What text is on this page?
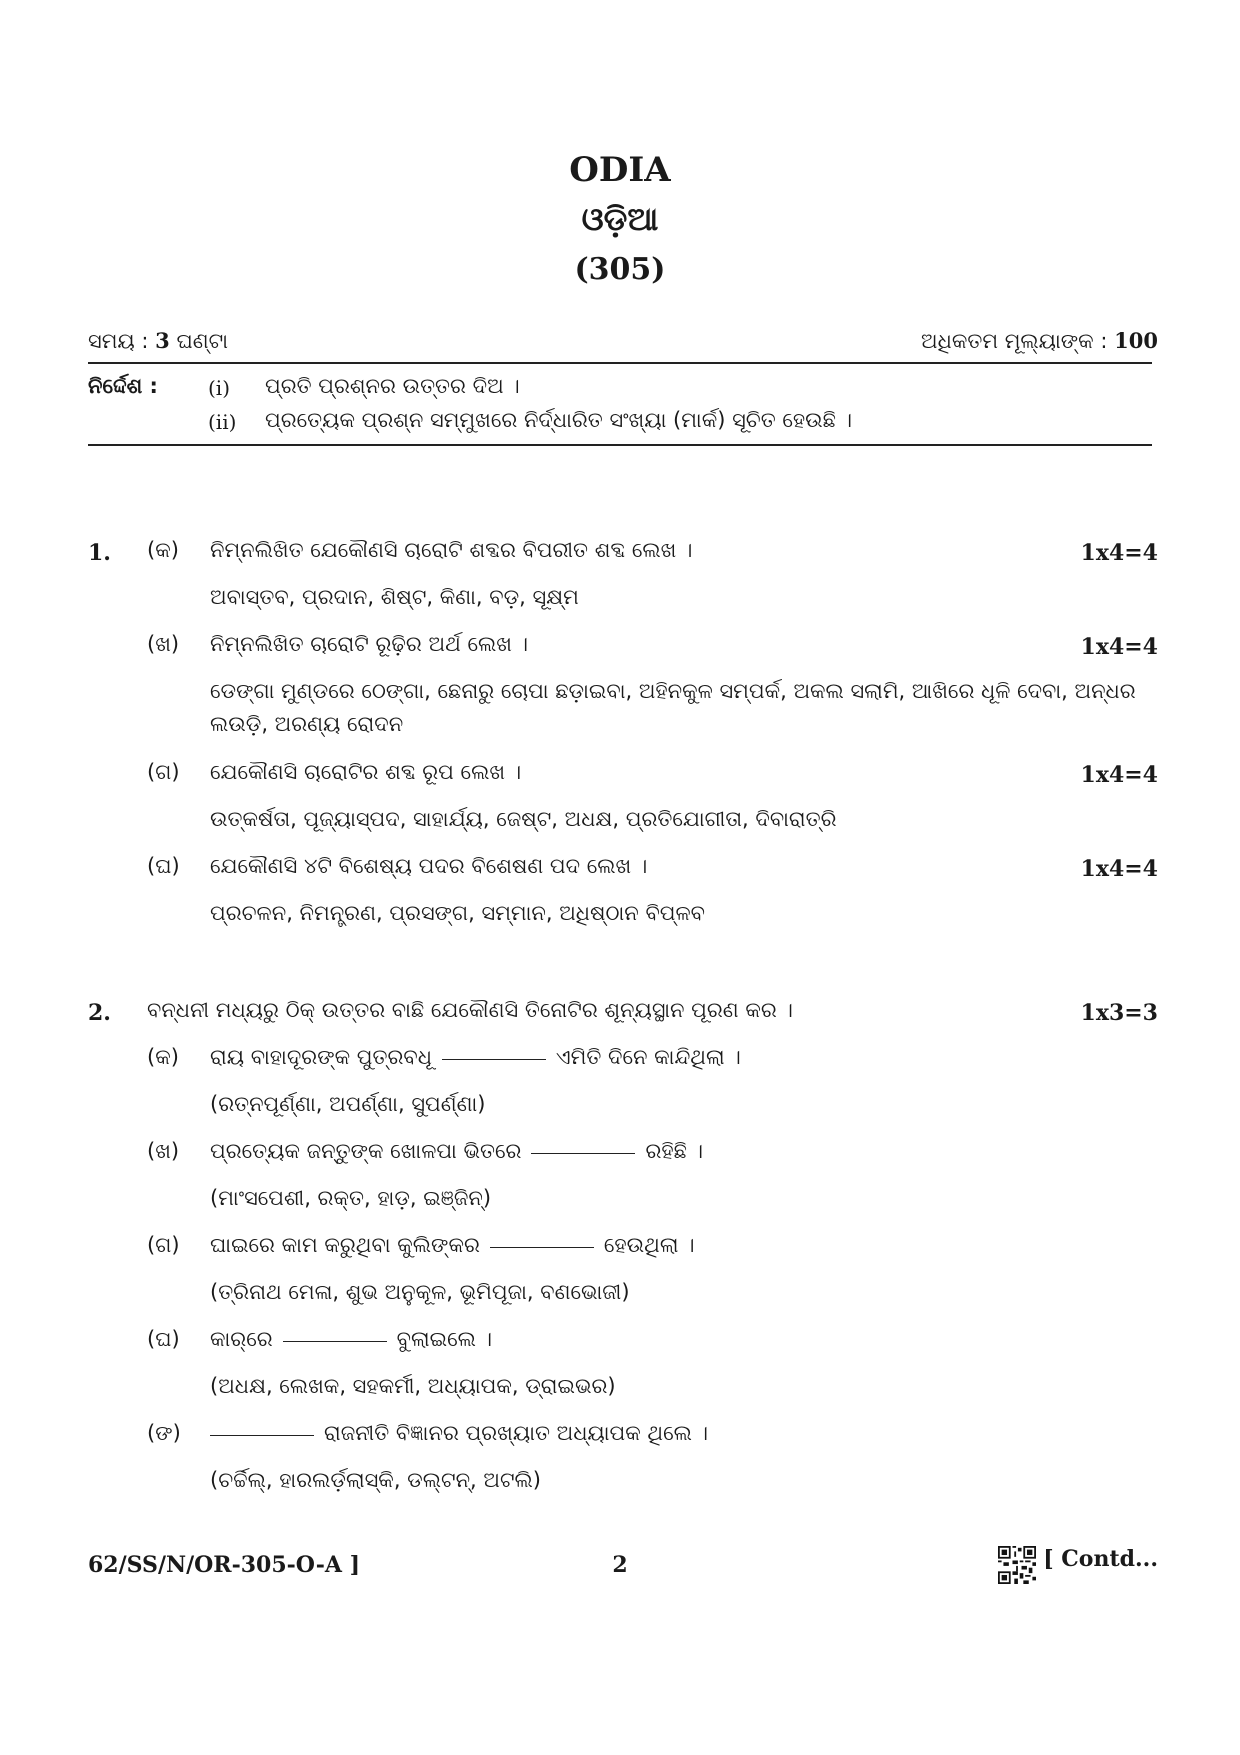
ODIA
ଓଡ଼ିଆ
(305)
ସମୟ : 3 ଘଣ୍ଟା	ଅଧିକତମ ମୂଲ୍ୟାଙ୍କ : 100
ନିର୍ଦ୍ଦେଶ :	(i) ପ୍ରତି ପ୍ରଶ୍ନର ଉତ୍ତର ଦିଅ ।
(ii) ପ୍ରତ୍ୟେକ ପ୍ରଶ୍ନ ସମ୍ମୁଖରେ ନିର୍ଦ୍ଧାରିତ ସଂଖ୍ୟା (ମାର୍କ) ସୂଚିତ ହେଉଛି ।
1. (କ) ନିମ୍ନଲିଖିତ ଯେକୌଣସି ଚାରୋଟି ଶବ୍ଦର ବିପରୀତ ଶବ୍ଦ ଲେଖ ।	1x4=4
ଅବାସ୍ତବ, ପ୍ରଦାନ, ଶିଷ୍ଟ, କିଣା, ବଡ଼, ସୂକ୍ଷ୍ମ
(ଖ) ନିମ୍ନଲିଖିତ ଚାରୋଟି ରୂଢ଼ିର ଅର୍ଥ ଲେଖ ।	1x4=4
ଡେଙ୍ଗା ମୁଣ୍ଡରେ ଠେଙ୍ଗା, ଛେନାରୁ ଚୋପା ଛଡ଼ାଇବା, ଅହିନକୁଳ ସମ୍ପର୍କ, ଅକଲ ସଲାମି, ଆଖିରେ ଧୂଳି ଦେବା, ଅନ୍ଧର
ଲଉଡ଼ି, ଅରଣ୍ୟ ରୋଦନ
(ଗ) ଯେକୌଣସି ଚାରୋଟିର ଶବ୍ଦ ରୂପ ଲେଖ ।	1x4=4
ଉତ୍କର୍ଷତା, ପୂଜ୍ୟାସ୍ପଦ, ସାହାର୍ଯ୍ୟ, ଜେଷ୍ଟ, ଅଧକ୍ଷ, ପ୍ରତିଯୋଗୀତା, ଦିବାରାତ୍ରି
(ଘ) ଯେକୌଣସି ୪ଟି ବିଶେଷ୍ୟ ପଦର ବିଶେଷଣ ପଦ ଲେଖ ।	1x4=4
ପ୍ରଚଳନ, ନିମନ୍ତ୍ରଣ, ପ୍ରସଙ୍ଗ, ସମ୍ମାନ, ଅଧିଷ୍ଠାନ ବିପ୍ଳବ
2. ବନ୍ଧନୀ ମଧ୍ୟରୁ ଠିକ୍ ଉତ୍ତର ବାଛି ଯେକୌଣସି ତିନୋଟିର ଶୂନ୍ୟସ୍ଥାନ ପୂରଣ କର ।	1x3=3
(କ) ରାୟ ବାହାଦୂରଙ୍କ ପୁତ୍ରବଧୂ	ଏମିତି ଦିନେ କାନ୍ଦିଥିଲା ।
(ରତ୍ନପୂର୍ଣ୍ଣା, ଅପର୍ଣ୍ଣା, ସୁପର୍ଣ୍ଣା)
(ଖ) ପ୍ରତ୍ୟେକ ଜନ୍ତୁଙ୍କ ଖୋଳପା ଭିତରେ	ରହିଛି ।
(ମାଂସପେଶୀ, ରକ୍ତ, ହାଡ଼, ଇଞ୍ଜିନ୍)
(ଗ) ଘାଇରେ କାମ କରୁଥିବା କୁଲିଙ୍କର	ହେଉଥିଲା ।
(ତ୍ରିନାଥ ମେଳା, ଶୁଭ ଅନୁକୂଳ, ଭୂମିପୂଜା, ବଣଭୋଜୀ)
(ଘ) କାର୍‌ରେ	ବୁଲାଇଲେ ।
(ଅଧକ୍ଷ, ଲେଖକ, ସହକର୍ମୀ, ଅଧ୍ୟାପକ, ଡ୍ରାଇଭର)
(ଙ)	ରାଜନୀତି ବିଜ୍ଞାନର ପ୍ରଖ୍ୟାତ ଅଧ୍ୟାପକ ଥିଲେ ।
(ଚର୍ଚ୍ଚିଲ୍, ହାରଲର୍ଡ଼ଲାସ୍କି, ଡଲ୍‌ଟନ୍, ଅଟଲି)
62/SS/N/OR-305-O-A ]	2	[ Contd...
